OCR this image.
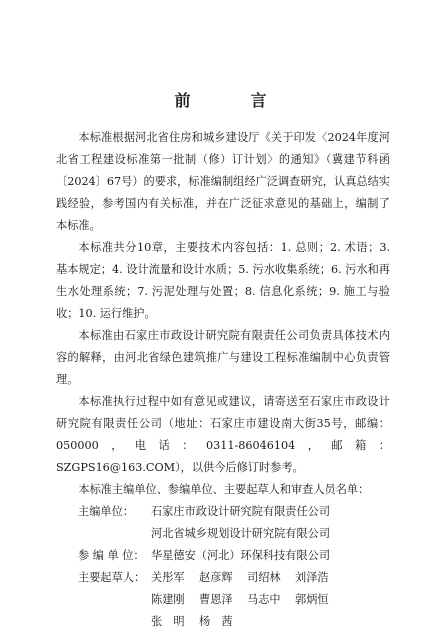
前　言

本标准根据河北省住房和城乡建设厅《关于印发〈2024年度河北省工程建设标准第一批制（修）订计划〉的通知》（冀建节科函〔2024〕67号）的要求，标准编制组经广泛调查研究，认真总结实践经验，参考国内有关标准，并在广泛征求意见的基础上，编制了本标准。

本标准共分10章，主要技术内容包括：1. 总则；2. 术语；3. 基本规定；4. 设计流量和设计水质；5. 污水收集系统；6. 污水和再生水处理系统；7. 污泥处理与处置；8. 信息化系统；9. 施工与验收；10. 运行维护。

本标准由石家庄市政设计研究院有限责任公司负责具体技术内容的解释，由河北省绿色建筑推广与建设工程标准编制中心负责管理。

本标准执行过程中如有意见或建议，请寄送至石家庄市政设计研究院有限责任公司（地址：石家庄市建设南大街35号，邮编：050000，电话：0311-86046104，邮箱：SZGPS16@163.COM），以供今后修订时参考。

本标准主编单位、参编单位、主要起草人和审查人员名单：

主编单位：	石家庄市政设计研究院有限责任公司
河北省城乡规划设计研究院有限公司
参 编 单 位： 华星德安（河北）环保科技有限公司
主要起草人： 关彤军	赵彦辉	司绍林	刘泽浩
陈建刚	曹恩泽	马志中	郭炳恒
张　明	杨　茜
